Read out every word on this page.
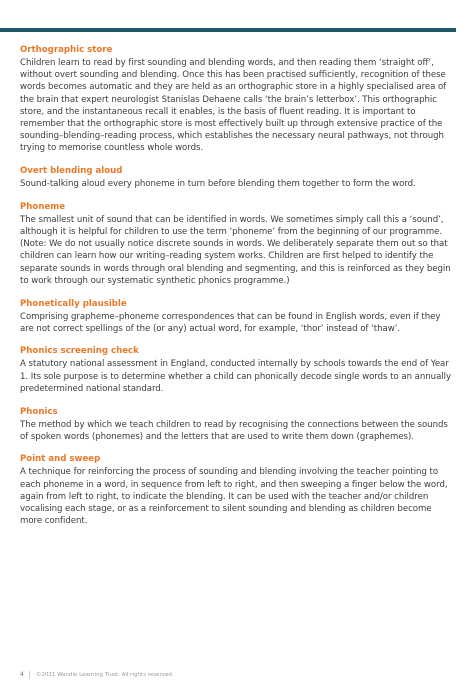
Orthographic store

Children learn to read by first sounding and blending words, and then reading them ‘straight off’, without overt sounding and blending. Once this has been practised sufficiently, recognition of these words becomes automatic and they are held as an orthographic store in a highly specialised area of the brain that expert neurologist Stanislas Dehaene calls ‘the brain’s letterbox’. This orthographic store, and the instantaneous recall it enables, is the basis of fluent reading. It is important to remember that the orthographic store is most effectively built up through extensive practice of the sounding–blending–reading process, which establishes the necessary neural pathways, not through trying to memorise countless whole words.

Overt blending aloud

Sound-talking aloud every phoneme in turn before blending them together to form the word.

Phoneme

The smallest unit of sound that can be identified in words. We sometimes simply call this a ‘sound’, although it is helpful for children to use the term ‘phoneme’ from the beginning of our programme. (Note: We do not usually notice discrete sounds in words. We deliberately separate them out so that children can learn how our writing–reading system works. Children are first helped to identify the separate sounds in words through oral blending and segmenting, and this is reinforced as they begin to work through our systematic synthetic phonics programme.)

Phonetically plausible

Comprising grapheme–phoneme correspondences that can be found in English words, even if they are not correct spellings of the (or any) actual word, for example, ‘thor’ instead of ‘thaw’.

Phonics screening check

A statutory national assessment in England, conducted internally by schools towards the end of Year 1. Its sole purpose is to determine whether a child can phonically decode single words to an annually predetermined national standard.

Phonics

The method by which we teach children to read by recognising the connections between the sounds of spoken words (phonemes) and the letters that are used to write them down (graphemes).

Point and sweep

A technique for reinforcing the process of sounding and blending involving the teacher pointing to each phoneme in a word, in sequence from left to right, and then sweeping a finger below the word, again from left to right, to indicate the blending. It can be used with the teacher and/or children vocalising each stage, or as a reinforcement to silent sounding and blending as children become more confident.

4 ©2021 Wandle Learning Trust. All rights reserved.
